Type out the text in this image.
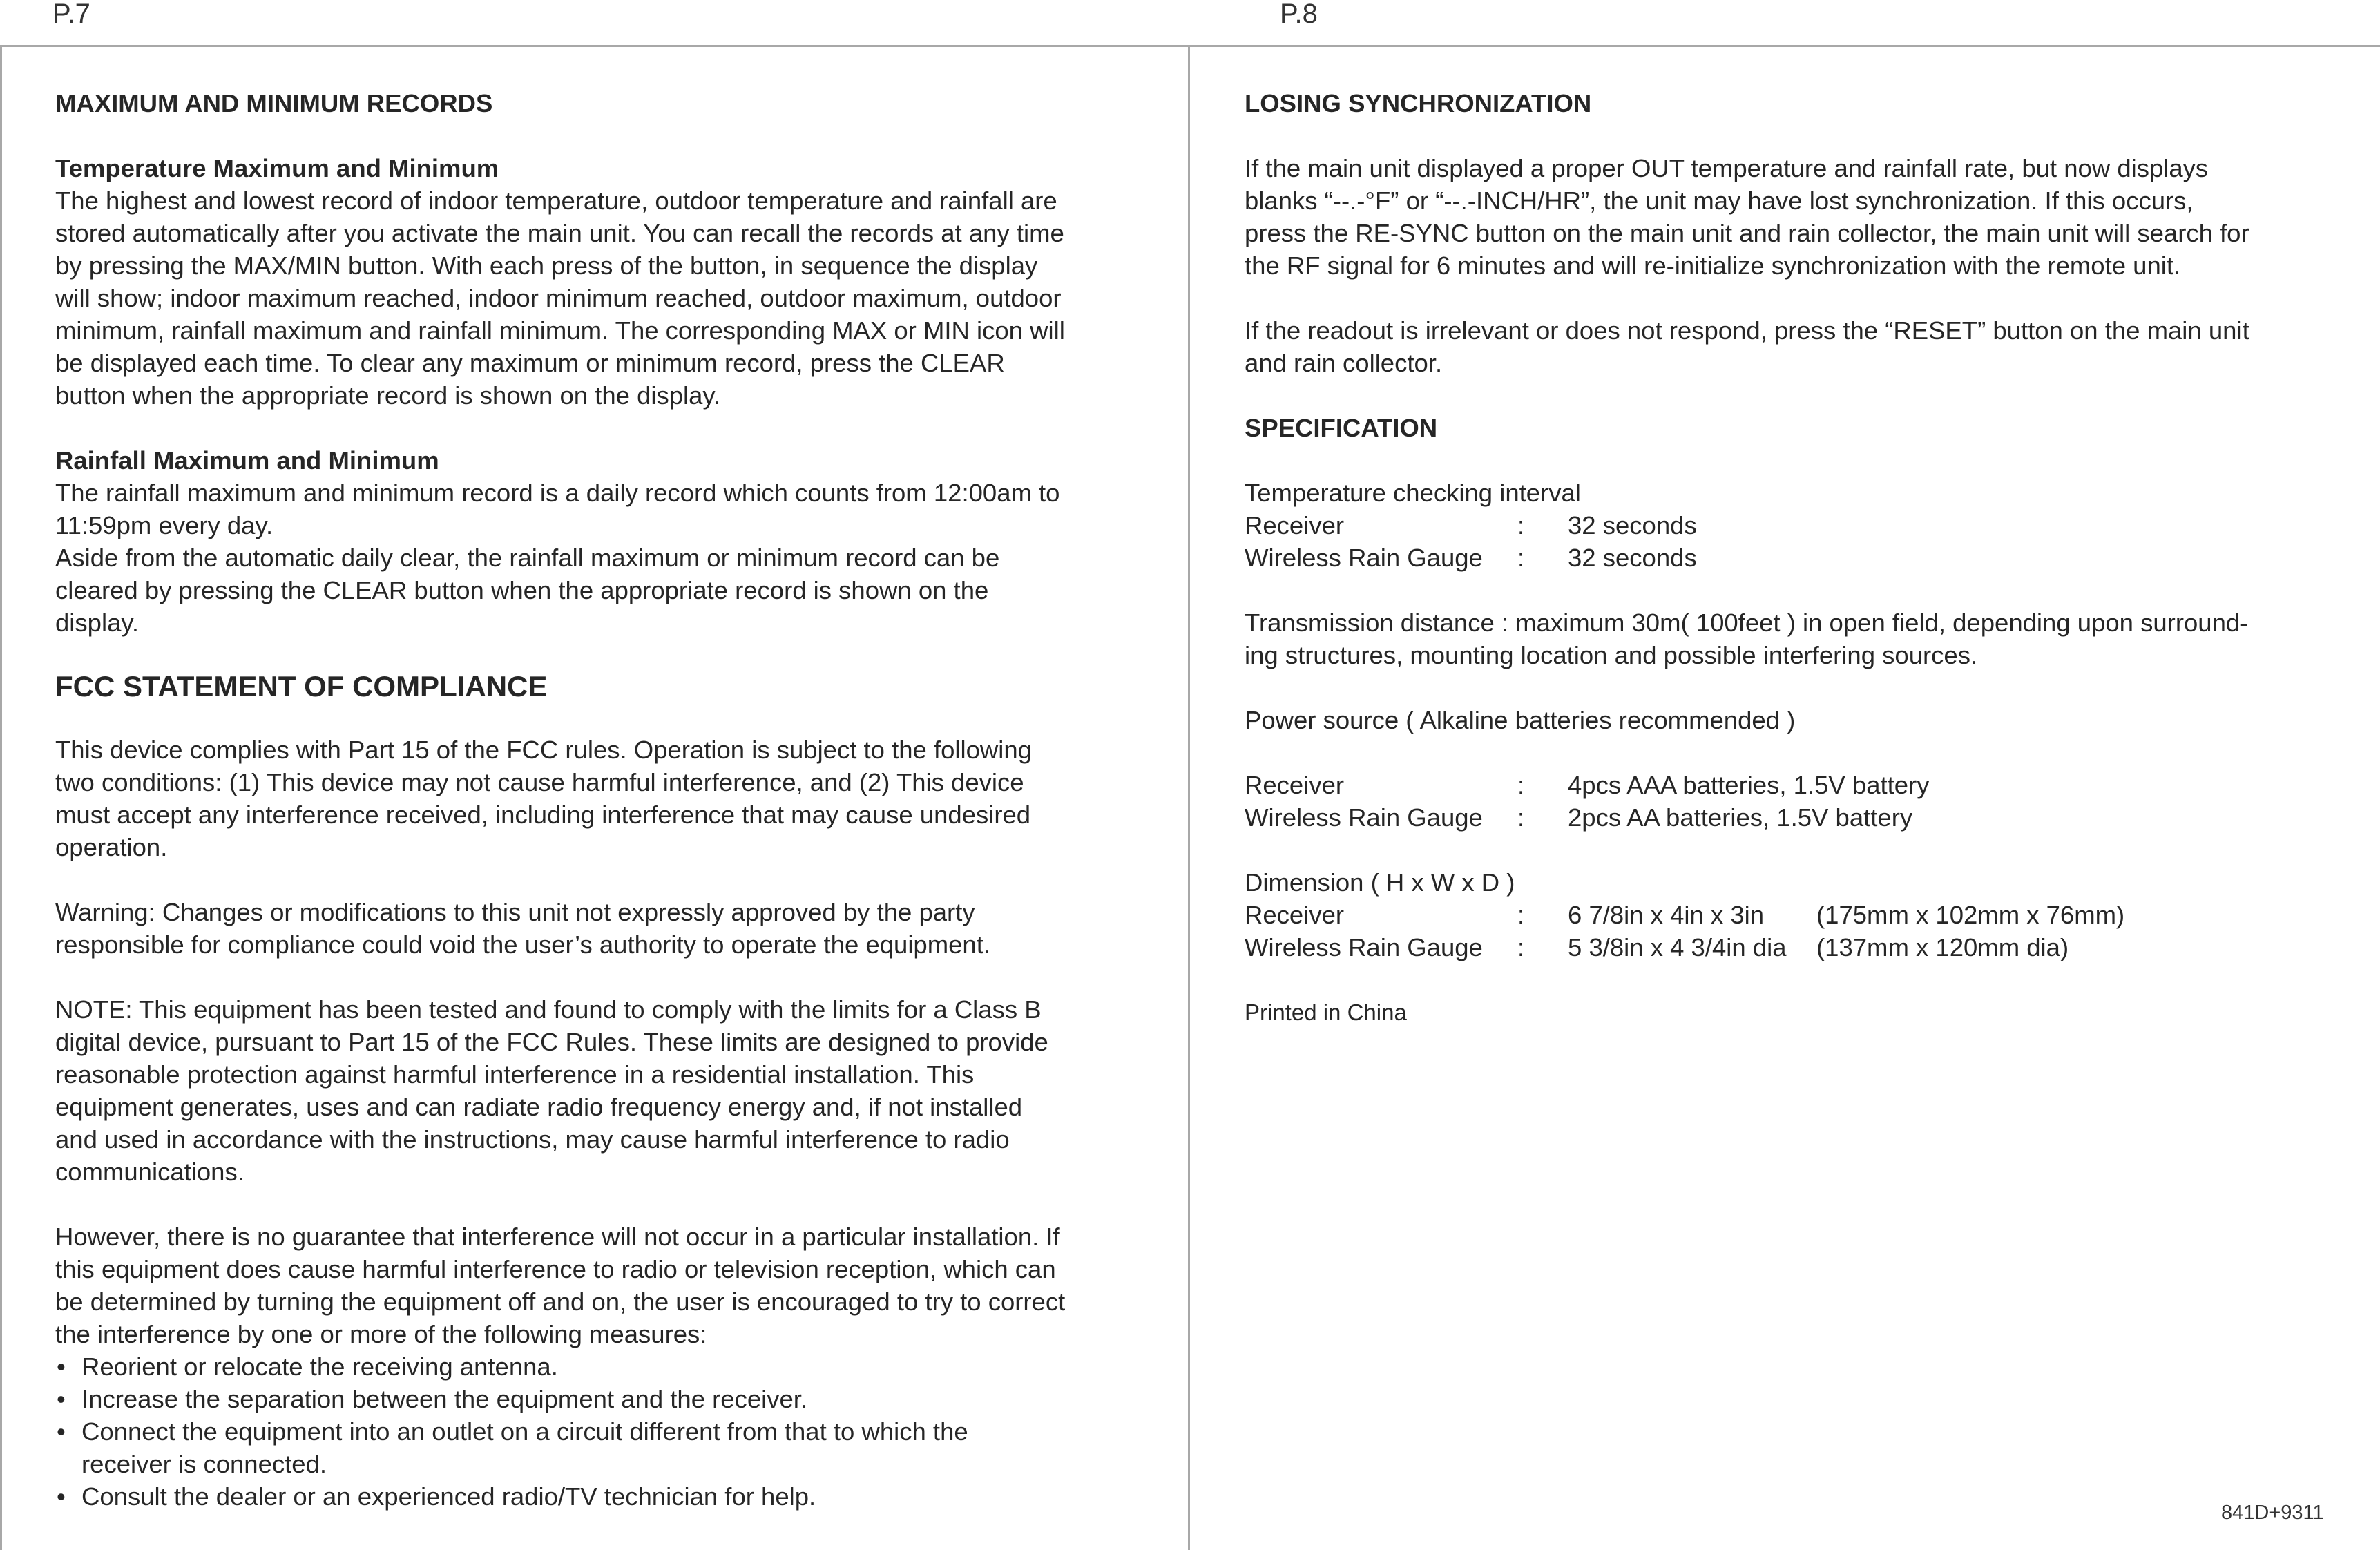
P.7	P.8
MAXIMUM AND MINIMUM RECORDS
Temperature Maximum and Minimum
The highest and lowest record of indoor temperature, outdoor temperature and rainfall are
stored automatically after you activate the main unit. You can recall the records at any time
by pressing the MAX/MIN button. With each press of the button, in sequence the display
will show; indoor maximum reached, indoor minimum reached, outdoor maximum, outdoor
minimum, rainfall maximum and rainfall minimum. The corresponding MAX or MIN icon will
be displayed each time. To clear any maximum or minimum record, press the CLEAR
button when the appropriate record is shown on the display.
Rainfall Maximum and Minimum
The rainfall maximum and minimum record is a daily record which counts from 12:00am to
11:59pm every day.
Aside from the automatic daily clear, the rainfall maximum or minimum record can be
cleared by pressing the CLEAR button when the appropriate record is shown on the
display.
FCC STATEMENT OF COMPLIANCE
This device complies with Part 15 of the FCC rules. Operation is subject to the following
two conditions: (1) This device may not cause harmful interference, and (2) This device
must accept any interference received, including interference that may cause undesired
operation.
Warning: Changes or modifications to this unit not expressly approved by the party
responsible for compliance could void the user’s authority to operate the equipment.
NOTE: This equipment has been tested and found to comply with the limits for a Class B
digital device, pursuant to Part 15 of the FCC Rules. These limits are designed to provide
reasonable protection against harmful interference in a residential installation. This
equipment generates, uses and can radiate radio frequency energy and, if not installed
and used in accordance with the instructions, may cause harmful interference to radio
communications.
However, there is no guarantee that interference will not occur in a particular installation. If
this equipment does cause harmful interference to radio or television reception, which can
be determined by turning the equipment off and on, the user is encouraged to try to correct
the interference by one or more of the following measures:
• Reorient or relocate the receiving antenna.
• Increase the separation between the equipment and the receiver.
• Connect the equipment into an outlet on a circuit different from that to which the
receiver is connected.
• Consult the dealer or an experienced radio/TV technician for help.
LOSING SYNCHRONIZATION
If the main unit displayed a proper OUT temperature and rainfall rate, but now displays
blanks “--.-°F” or “--.-INCH/HR”, the unit may have lost synchronization. If this occurs,
press the RE-SYNC button on the main unit and rain collector, the main unit will search for
the RF signal for 6 minutes and will re-initialize synchronization with the remote unit.
If the readout is irrelevant or does not respond, press the “RESET” button on the main unit
and rain collector.
SPECIFICATION
Temperature checking interval
Receiver	:	32 seconds
Wireless Rain Gauge	:	32 seconds
Transmission distance : maximum 30m( 100feet ) in open field, depending upon surround-
ing structures, mounting location and possible interfering sources.
Power source ( Alkaline batteries recommended )
Receiver	:	4pcs AAA batteries, 1.5V battery
Wireless Rain Gauge	:	2pcs AA batteries, 1.5V battery
Dimension ( H x W x D )
Receiver	:	6 7/8in x 4in x 3in	(175mm x 102mm x 76mm)
Wireless Rain Gauge	:	5 3/8in x 4 3/4in dia	(137mm x 120mm dia)
Printed in China
841D+9311
